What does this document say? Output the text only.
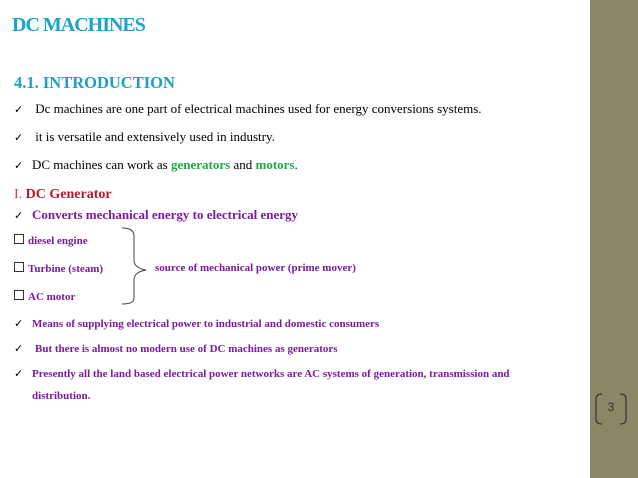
DC MACHINES
4.1. INTRODUCTION
✓ Dc machines are one part of electrical machines used for energy conversions systems.
✓ it is versatile and extensively used in industry.
✓ DC machines can work as generators and motors.
I. DC Generator
✓ Converts mechanical energy to electrical energy
diesel engine
Turbine (steam)
AC motor
source of mechanical power (prime mover)
✓ Means of supplying electrical power to industrial and domestic consumers
✓ But there is almost no modern use of DC machines as generators
✓ Presently all the land based electrical power networks are AC systems of generation, transmission and
distribution.
3
